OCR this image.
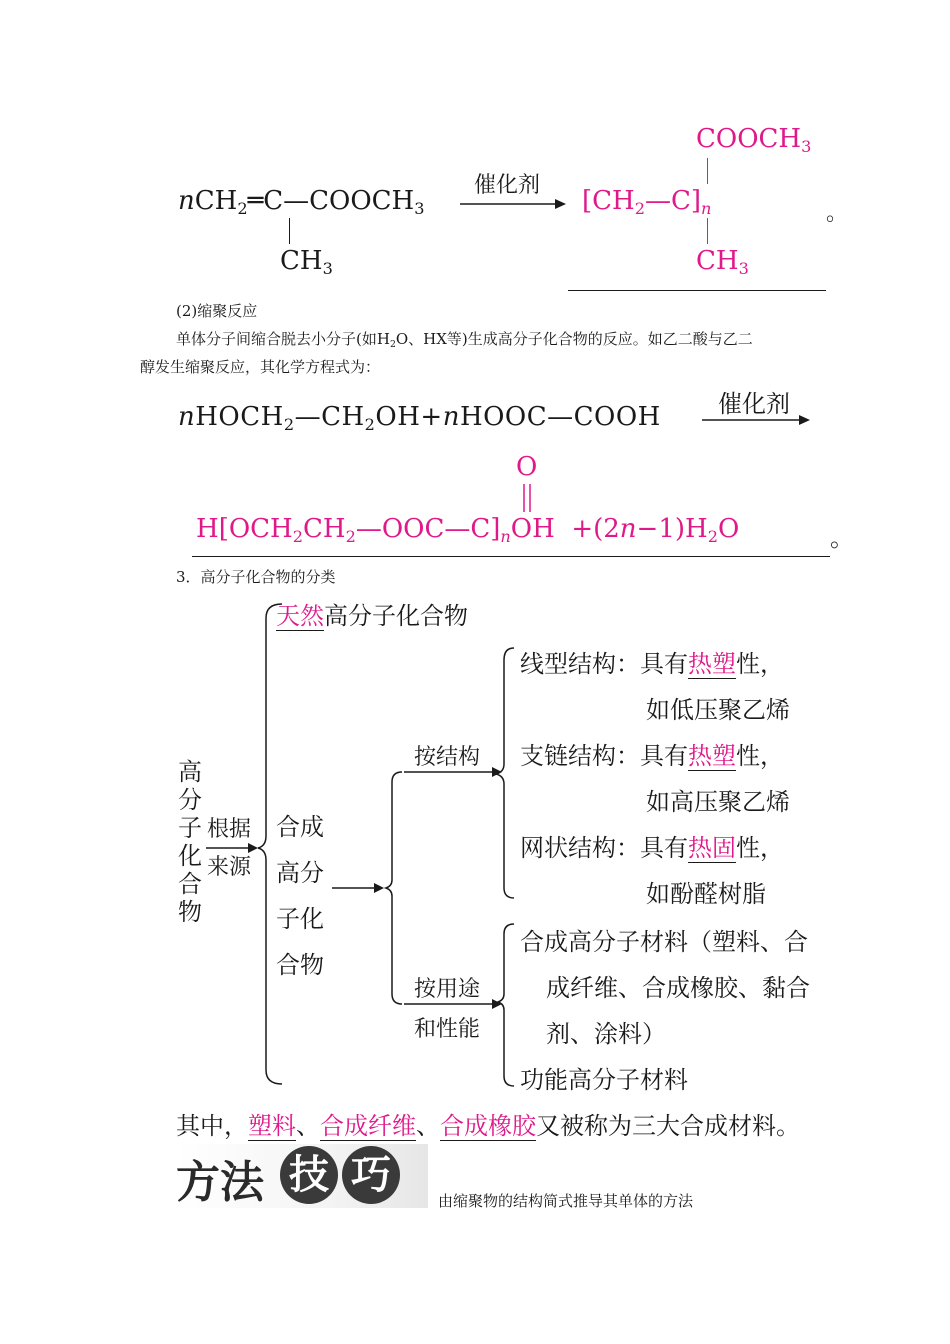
$nCH_2═C—COOCH_3$
$CH_3$
催化剂
$COOCH_3$
$[CH_2—C]_n$
$CH_3$
。
(2)缩聚反应
单体分子间缩合脱去小分子(如$H_2O$、HX等)生成高分子化合物的反应。如乙二酸与乙二
醇发生缩聚反应，其化学方程式为：
$nHOCH_2—CH_2OH+nHOOC—COOH$ 催化剂
O
$H[OCH_2CH_2—OOC—C]_nOH +(2n-1)H_2O$	。
3．高分子化合物的分类
高
分
子
化
合
物
根据
来源
天然高分子化合物
合成
高分
子化
合物
按结构
按用途
和性能
线型结构：具有热塑性，
如低压聚乙烯
支链结构：具有热塑性，
如高压聚乙烯
网状结构：具有热固性，
如酚醛树脂
合成高分子材料（塑料、合
成纤维、合成橡胶、黏合
剂、涂料）
功能高分子材料
其中，塑料、合成纤维、合成橡胶又被称为三大合成材料。
方法 技 巧
由缩聚物的结构简式推导其单体的方法
